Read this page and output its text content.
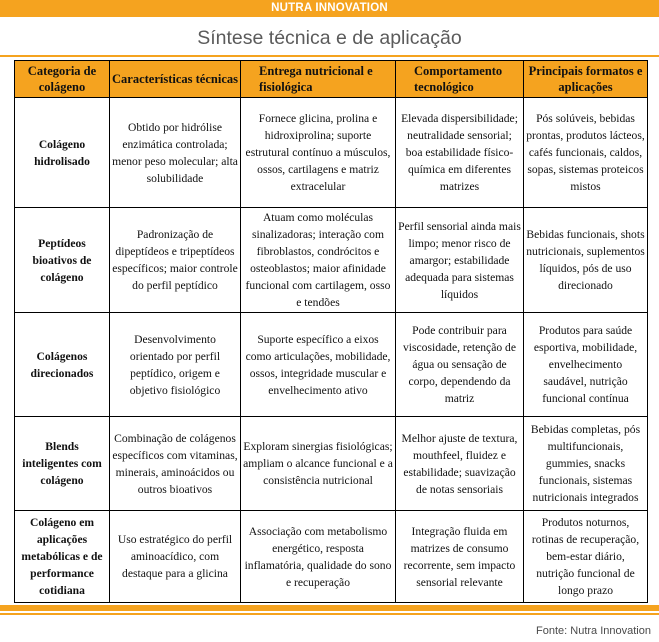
NUTRA INNOVATION
Síntese técnica e de aplicação
Categoria de colágeno	Características técnicas	Entrega nutricional e fisiológica	Comportamento tecnológico	Principais formatos e aplicações
Colágeno hidrolisado	Obtido por hidrólise enzimática controlada; menor peso molecular; alta solubilidade	Fornece glicina, prolina e hidroxiprolina; suporte estrutural contínuo a músculos, ossos, cartilagens e matriz extracelular	Elevada dispersibilidade; neutralidade sensorial; boa estabilidade físico-química em diferentes matrizes	Pós solúveis, bebidas prontas, produtos lácteos, cafés funcionais, caldos, sopas, sistemas proteicos mistos
Peptídeos bioativos de colágeno	Padronização de dipeptídeos e tripeptídeos específicos; maior controle do perfil peptídico	Atuam como moléculas sinalizadoras; interação com fibroblastos, condrócitos e osteoblastos; maior afinidade funcional com cartilagem, osso e tendões	Perfil sensorial ainda mais limpo; menor risco de amargor; estabilidade adequada para sistemas líquidos	Bebidas funcionais, shots nutricionais, suplementos líquidos, pós de uso direcionado
Colágenos direcionados	Desenvolvimento orientado por perfil peptídico, origem e objetivo fisiológico	Suporte específico a eixos como articulações, mobilidade, ossos, integridade muscular e envelhecimento ativo	Pode contribuir para viscosidade, retenção de água ou sensação de corpo, dependendo da matriz	Produtos para saúde esportiva, mobilidade, envelhecimento saudável, nutrição funcional contínua
Blends inteligentes com colágeno	Combinação de colágenos específicos com vitaminas, minerais, aminoácidos ou outros bioativos	Exploram sinergias fisiológicas; ampliam o alcance funcional e a consistência nutricional	Melhor ajuste de textura, mouthfeel, fluidez e estabilidade; suavização de notas sensoriais	Bebidas completas, pós multifuncionais, gummies, snacks funcionais, sistemas nutricionais integrados
Colágeno em aplicações metabólicas e de performance cotidiana	Uso estratégico do perfil aminoacídico, com destaque para a glicina	Associação com metabolismo energético, resposta inflamatória, qualidade do sono e recuperação	Integração fluida em matrizes de consumo recorrente, sem impacto sensorial relevante	Produtos noturnos, rotinas de recuperação, bem-estar diário, nutrição funcional de longo prazo
Fonte: Nutra Innovation
